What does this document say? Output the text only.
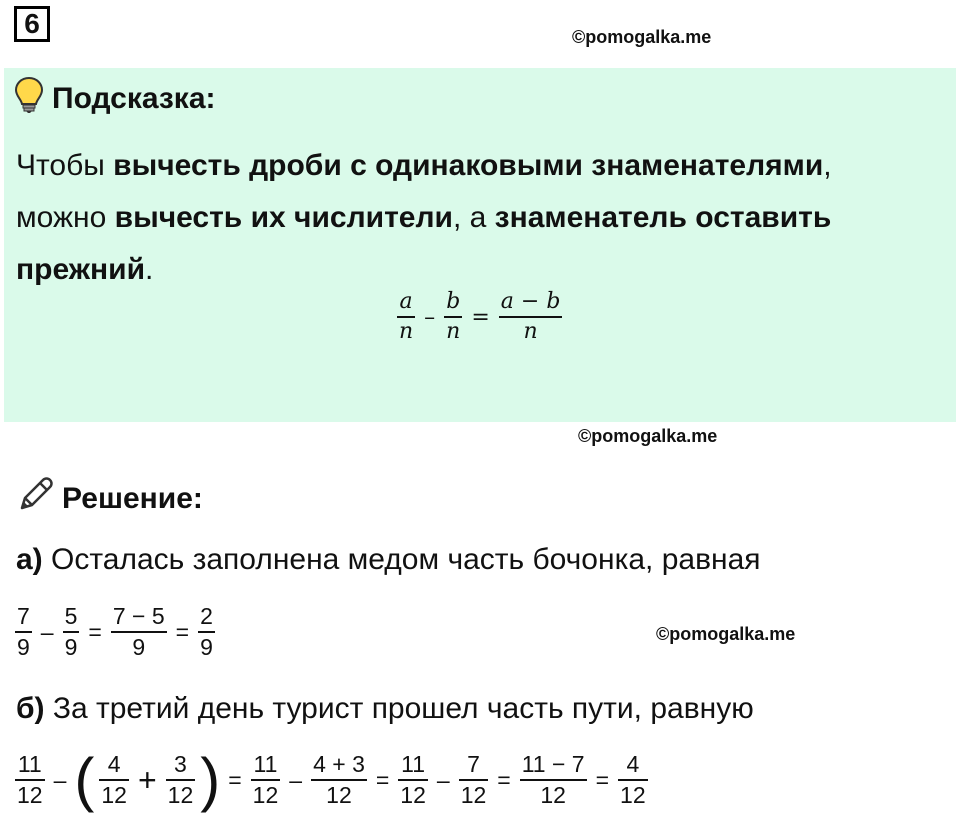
6	©pomogalka.me
Подсказка:
Чтобы вычесть дроби с одинаковыми знаменателями, можно вычесть их числители, а знаменатель оставить прежний.
$\frac{a}{n} - \frac{b}{n} = \frac{a - b}{n}$
©pomogalka.me
Решение:
а) Осталась заполнена медом часть бочонка, равная
$\frac{7}{9} - \frac{5}{9} = \frac{7 - 5}{9} = \frac{2}{9}$	©pomogalka.me
б) За третий день турист прошел часть пути, равную
$\frac{11}{12}$ – ( $\frac{4}{12} + \frac{3}{12}$ ) = $\frac{11}{12} - \frac{4 + 3}{12} = \frac{11}{12} - \frac{7}{12} = \frac{11 - 7}{12} = \frac{4}{12}$
